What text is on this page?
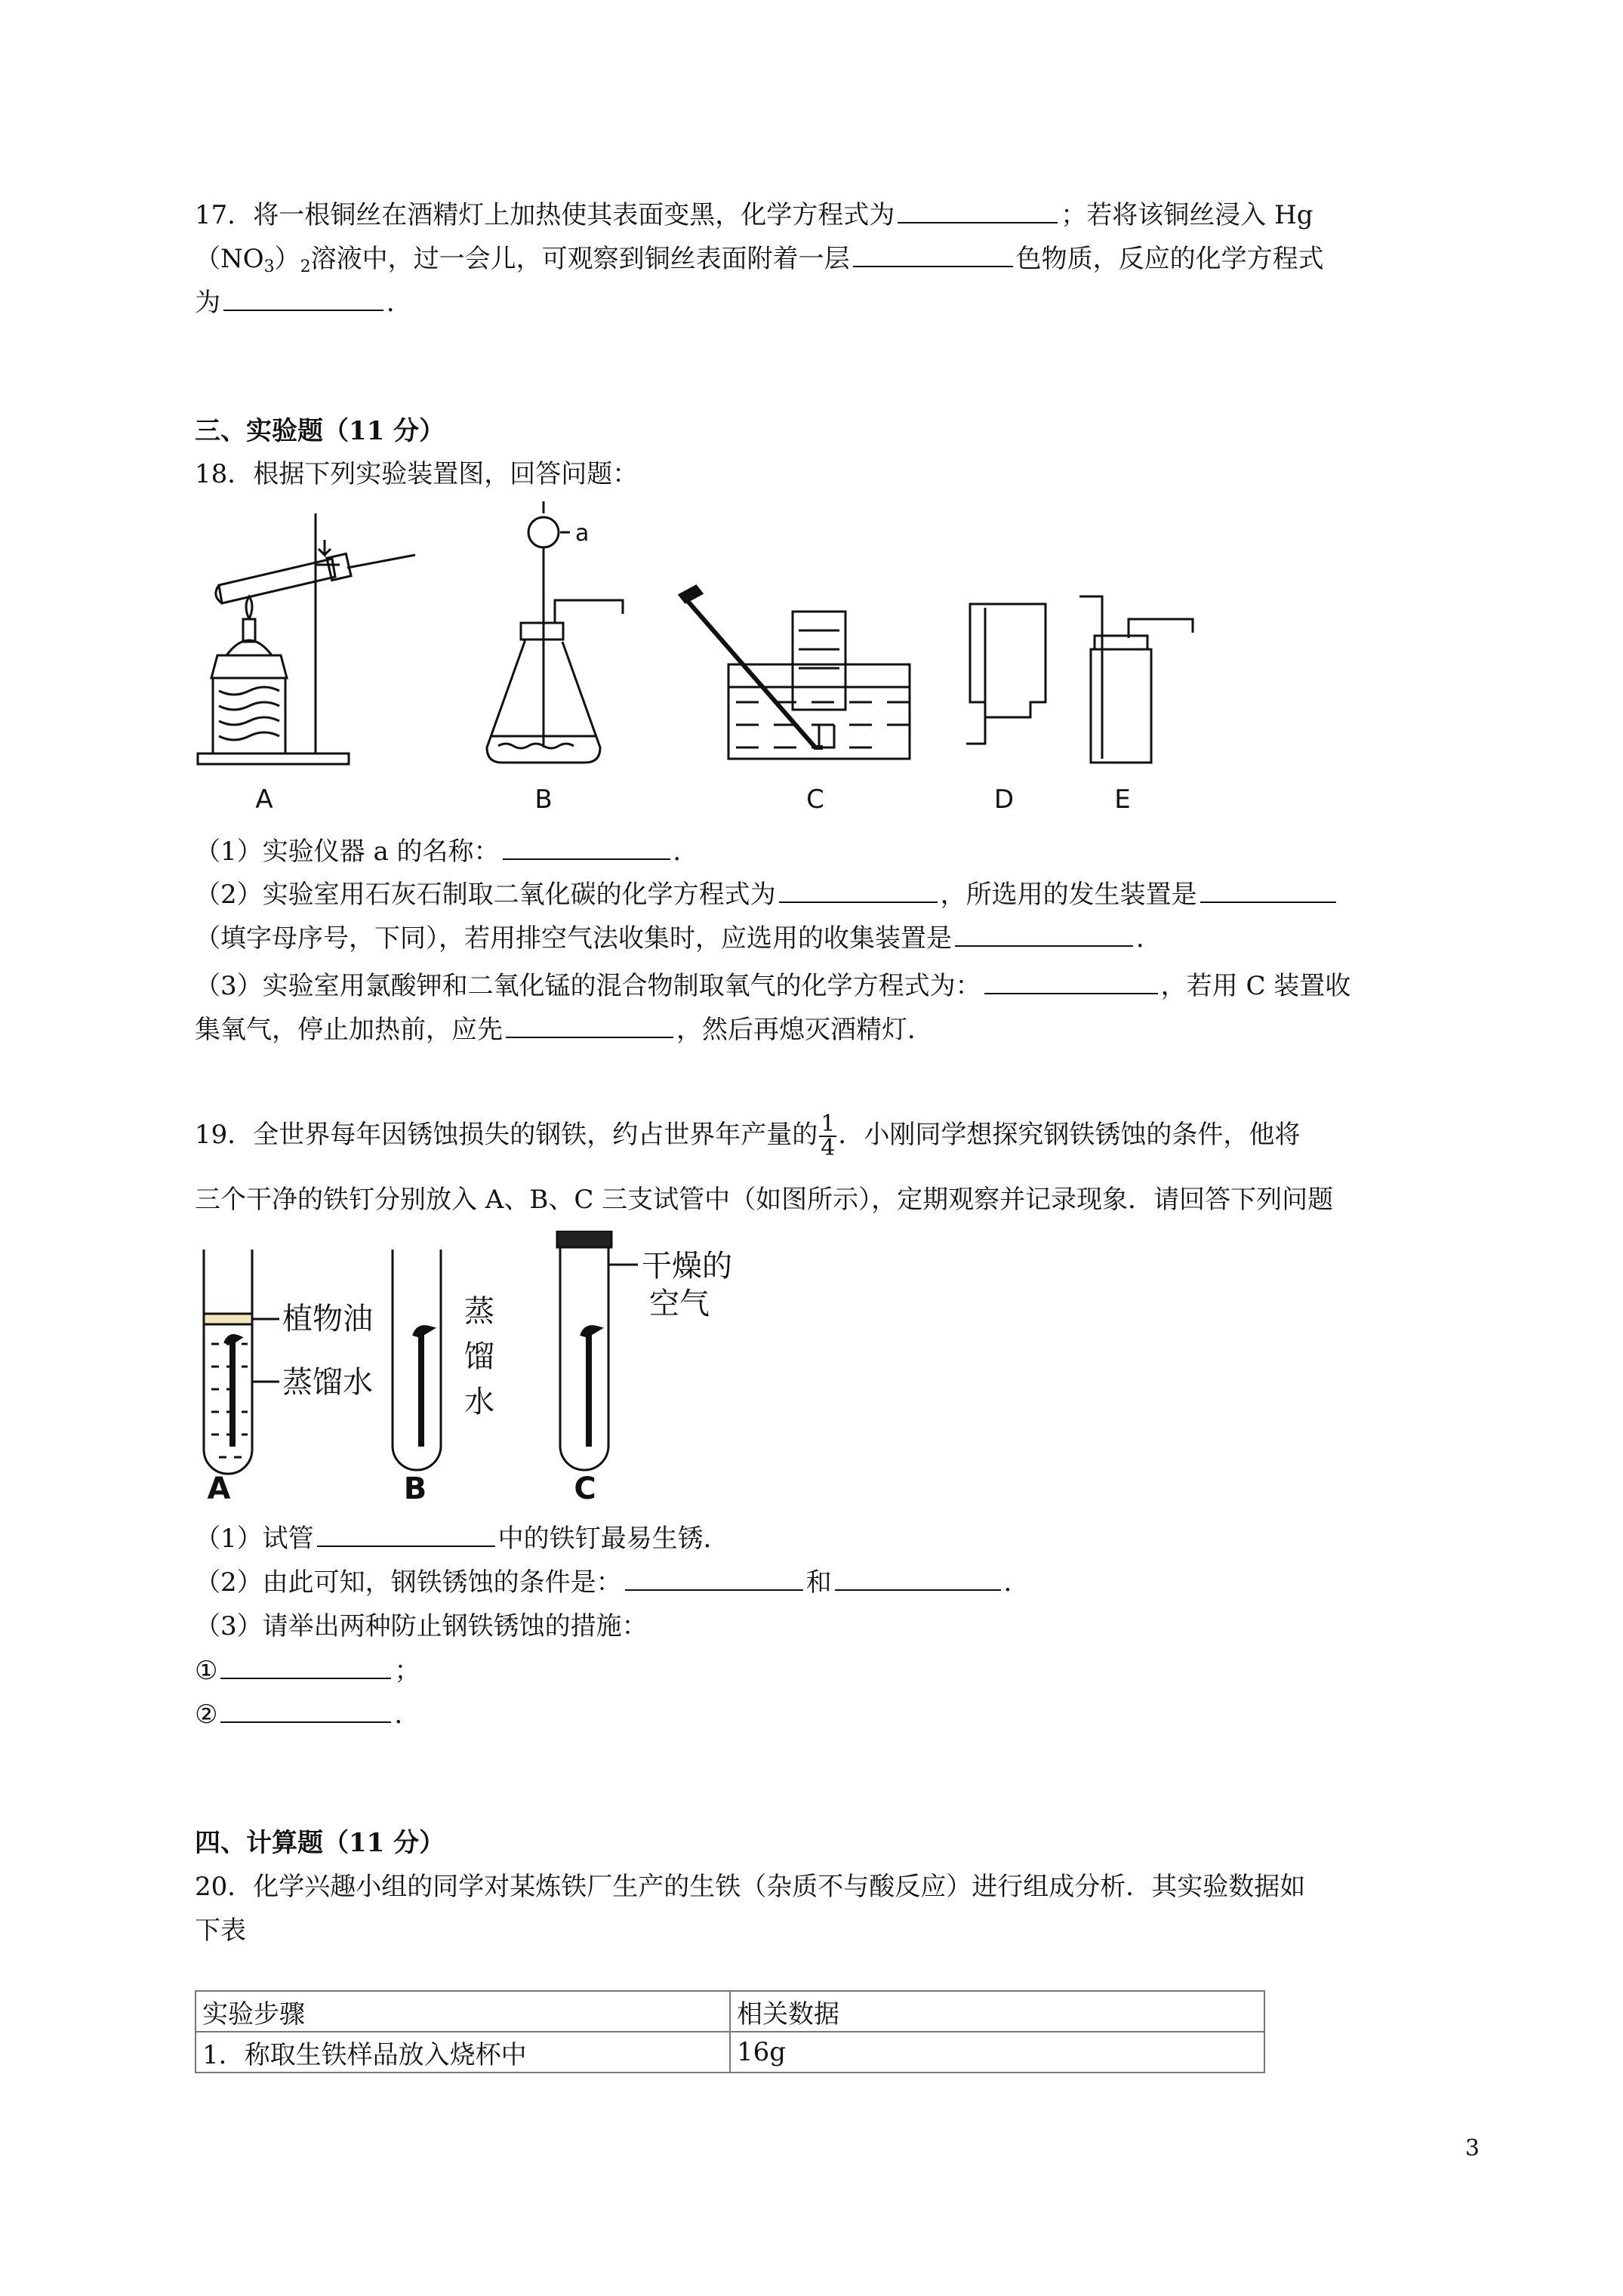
17．将一根铜丝在酒精灯上加热使其表面变黑，化学方程式为	；若将该铜丝浸入 Hg
$(NO_3)_2$溶液中，过一会儿，可观察到铜丝表面附着一层	色物质，反应的化学方程式
为	．
三、实验题（11 分）
18．根据下列实验装置图，回答问题：
A
a
B	C	D	E
（1）实验仪器 a 的名称：	．
（2）实验室用石灰石制取二氧化碳的化学方程式为	，所选用的发生装置是
（填字母序号，下同），若用排空气法收集时，应选用的收集装置是	．
（3）实验室用氯酸钾和二氧化锰的混合物制取氧气的化学方程式为：	，若用 C 装置收
集氧气，停止加热前，应先	，然后再熄灭酒精灯．
19．全世界每年因锈蚀损失的钢铁，约占世界年产量的 $\frac{1}{4}$ ．小刚同学想探究钢铁锈蚀的条件，他将
三个干净的铁钉分别放入 A、B、C 三支试管中（如图所示），定期观察并记录现象．请回答下列问题
植物油
蒸馏水
A
蒸
馏
水
B
干燥的
空气
C
（1）试管	中的铁钉最易生锈．
（2）由此可知，钢铁锈蚀的条件是：	和	．
（3）请举出两种防止钢铁锈蚀的措施：
①	；
②	．
四、计算题（11 分）
20．化学兴趣小组的同学对某炼铁厂生产的生铁（杂质不与酸反应）进行组成分析．其实验数据如
下表
实验步骤	相关数据
1．称取生铁样品放入烧杯中	16g
3
